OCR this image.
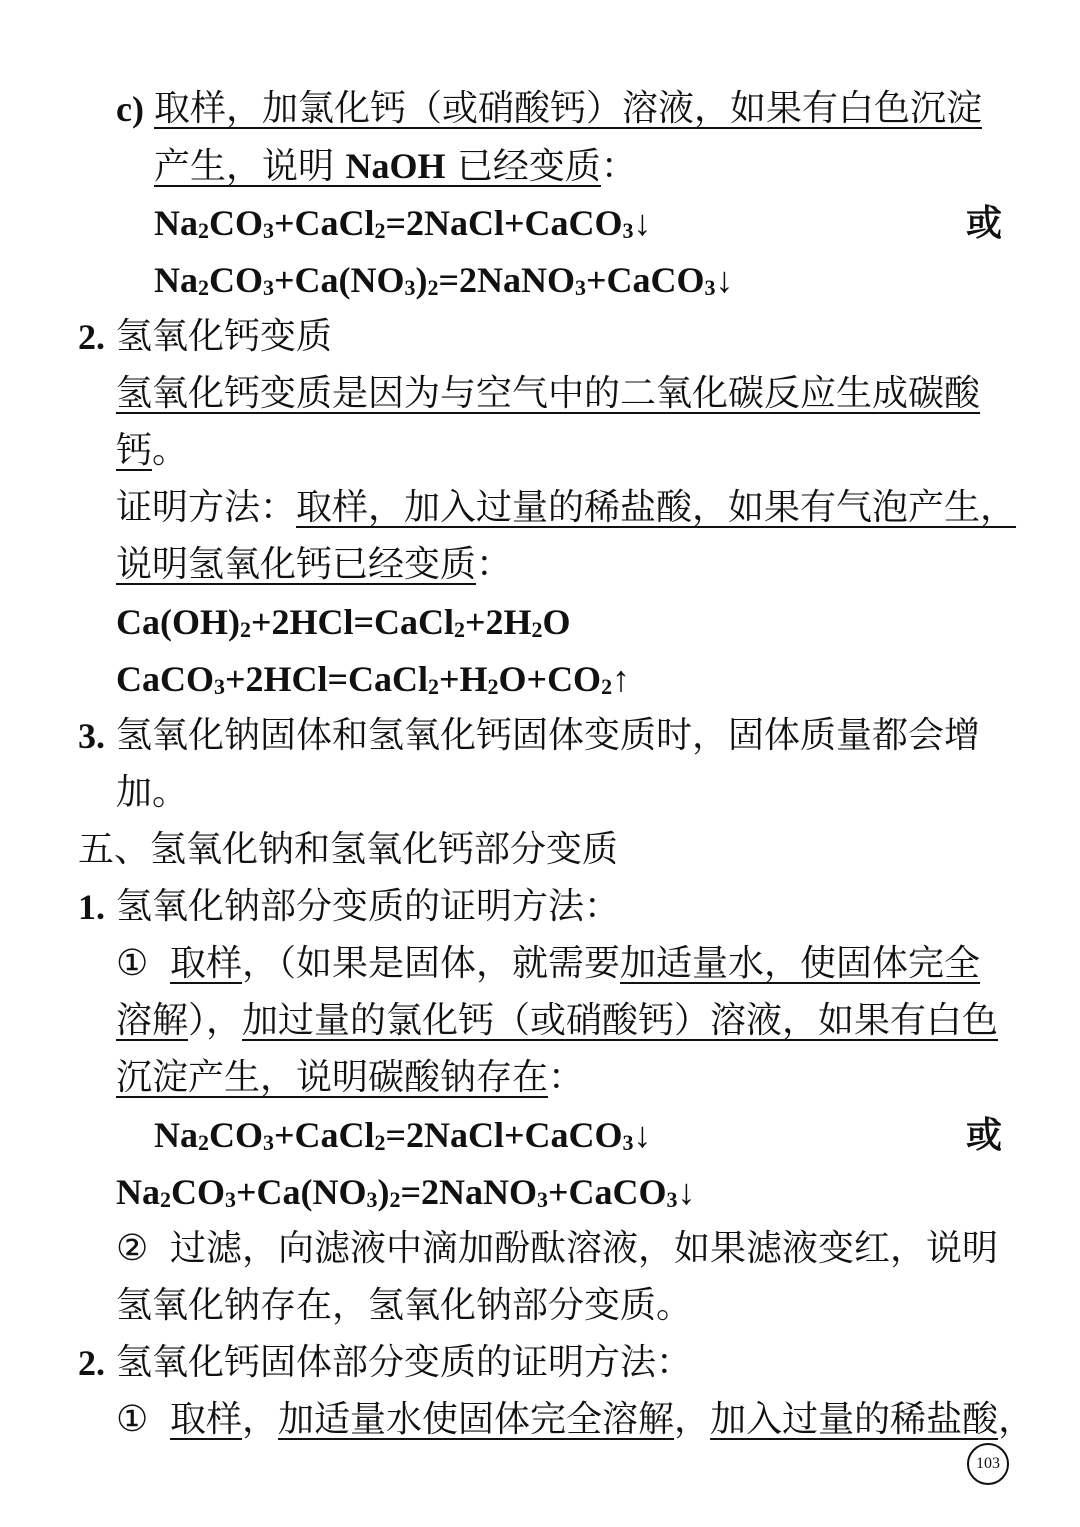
c) 取样，加氯化钙（或硝酸钙）溶液，如果有白色沉淀
产生，说明 NaOH 已经变质：
$Na_2CO_3+CaCl_2=2NaCl+CaCO_3↓$	或
$Na_2CO_3+Ca(NO_3)_2=2NaNO_3+CaCO_3↓$
2. 氢氧化钙变质
氢氧化钙变质是因为与空气中的二氧化碳反应生成碳酸
钙。
证明方法：取样，加入过量的稀盐酸，如果有气泡产生，
说明氢氧化钙已经变质：
$Ca(OH)_2+2HCl=CaCl_2+2H_2O$
$CaCO_3+2HCl=CaCl_2+H_2O+CO_2↑$
3. 氢氧化钠固体和氢氧化钙固体变质时，固体质量都会增
加。
五、氢氧化钠和氢氧化钙部分变质
1. 氢氧化钠部分变质的证明方法：
① 取样，（如果是固体，就需要加适量水，使固体完全
溶解），加过量的氯化钙（或硝酸钙）溶液，如果有白色
沉淀产生，说明碳酸钠存在：
$Na_2CO_3+CaCl_2=2NaCl+CaCO_3↓$	或
$Na_2CO_3+Ca(NO_3)_2=2NaNO_3+CaCO_3↓$
② 过滤，向滤液中滴加酚酞溶液，如果滤液变红，说明
氢氧化钠存在，氢氧化钠部分变质。
2. 氢氧化钙固体部分变质的证明方法：
① 取样，加适量水使固体完全溶解，加入过量的稀盐酸，
103
